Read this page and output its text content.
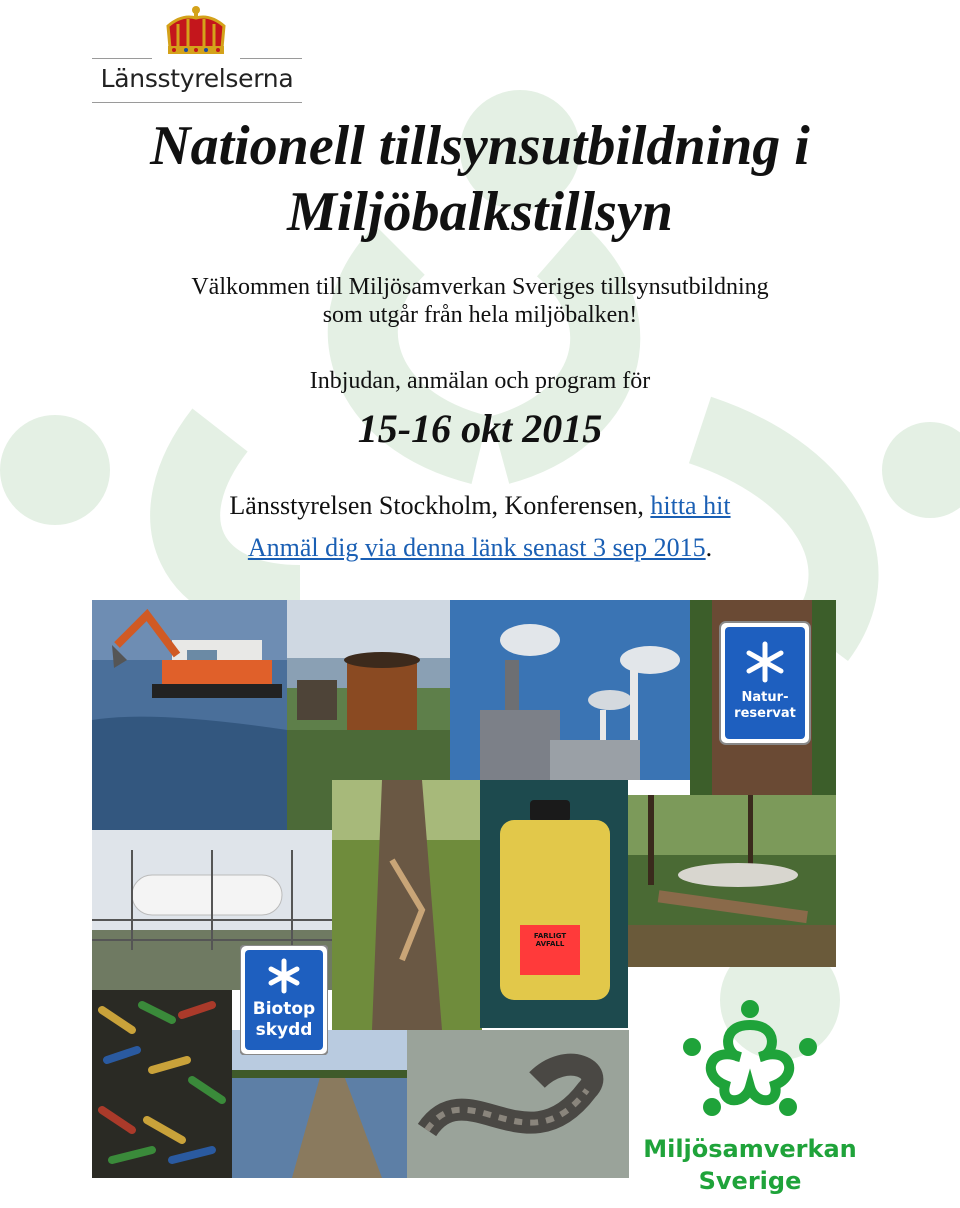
Länsstyrelserna
Nationell tillsynsutbildning i
Miljöbalkstillsyn
Välkommen till Miljösamverkan Sveriges tillsynsutbildning
som utgår från hela miljöbalken!
Inbjudan, anmälan och program för
15-16 okt 2015
Länsstyrelsen Stockholm, Konferensen, hitta hit
Anmäl dig via denna länk senast 3 sep 2015.
Natur-
reservat
FARLIGT AVFALL
Biotop
skydd
Miljösamverkan
Sverige
